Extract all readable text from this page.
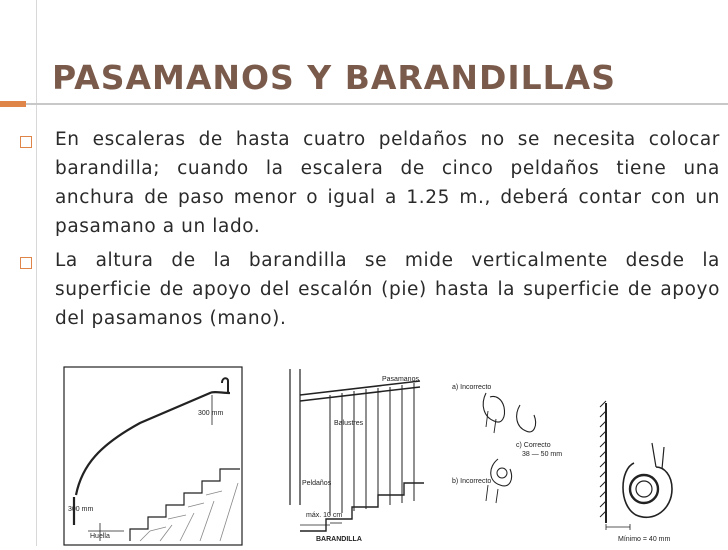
PASAMANOS Y BARANDILLAS
En escaleras de hasta cuatro peldaños no se necesita colocar barandilla; cuando la escalera de cinco peldaños tiene una anchura de paso menor o igual a 1.25 m., deberá contar con un pasamano a un lado.
La altura de la barandilla se mide verticalmente desde la superficie de apoyo del escalón (pie) hasta la superficie de apoyo del pasamanos (mano).
300 mm
300 mm
Huella
Pasamanos
Balustres
Peldaños
máx. 10 cm
BARANDILLA
a) Incorrecto
c) Correcto
38 — 50 mm
b) Incorrecto
Mínimo = 40 mm
